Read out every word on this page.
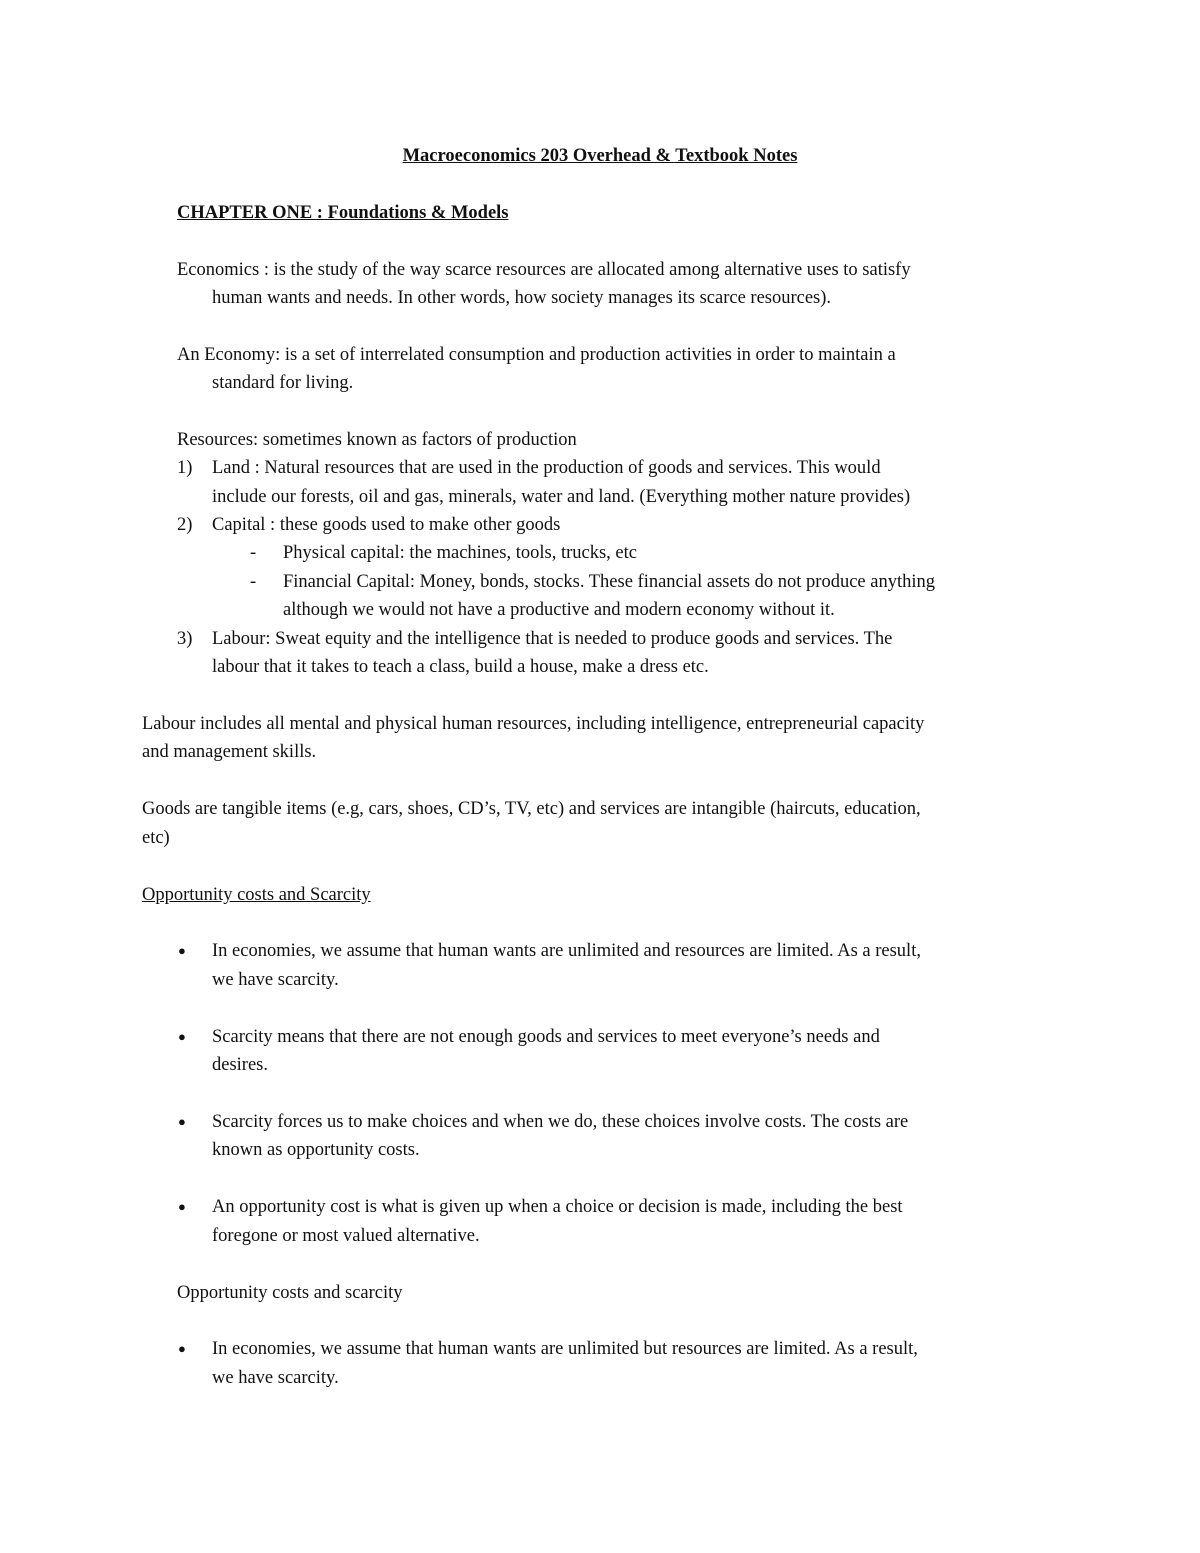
Macroeconomics 203 Overhead & Textbook Notes
CHAPTER ONE : Foundations & Models
Economics : is the study of the way scarce resources are allocated among alternative uses to satisfy
human wants and needs. In other words, how society manages its scarce resources).
An Economy: is a set of interrelated consumption and production activities in order to maintain a
standard for living.
Resources: sometimes known as factors of production
1) Land : Natural resources that are used in the production of goods and services. This would
include our forests, oil and gas, minerals, water and land. (Everything mother nature provides)
2) Capital : these goods used to make other goods
- Physical capital: the machines, tools, trucks, etc
- Financial Capital: Money, bonds, stocks. These financial assets do not produce anything
although we would not have a productive and modern economy without it.
3) Labour: Sweat equity and the intelligence that is needed to produce goods and services. The
labour that it takes to teach a class, build a house, make a dress etc.
Labour includes all mental and physical human resources, including intelligence, entrepreneurial capacity
and management skills.
Goods are tangible items (e.g, cars, shoes, CD’s, TV, etc) and services are intangible (haircuts, education,
etc)
Opportunity costs and Scarcity
● In economies, we assume that human wants are unlimited and resources are limited. As a result,
we have scarcity.
● Scarcity means that there are not enough goods and services to meet everyone’s needs and
desires.
● Scarcity forces us to make choices and when we do, these choices involve costs. The costs are
known as opportunity costs.
● An opportunity cost is what is given up when a choice or decision is made, including the best
foregone or most valued alternative.
Opportunity costs and scarcity
● In economies, we assume that human wants are unlimited but resources are limited. As a result,
we have scarcity.
